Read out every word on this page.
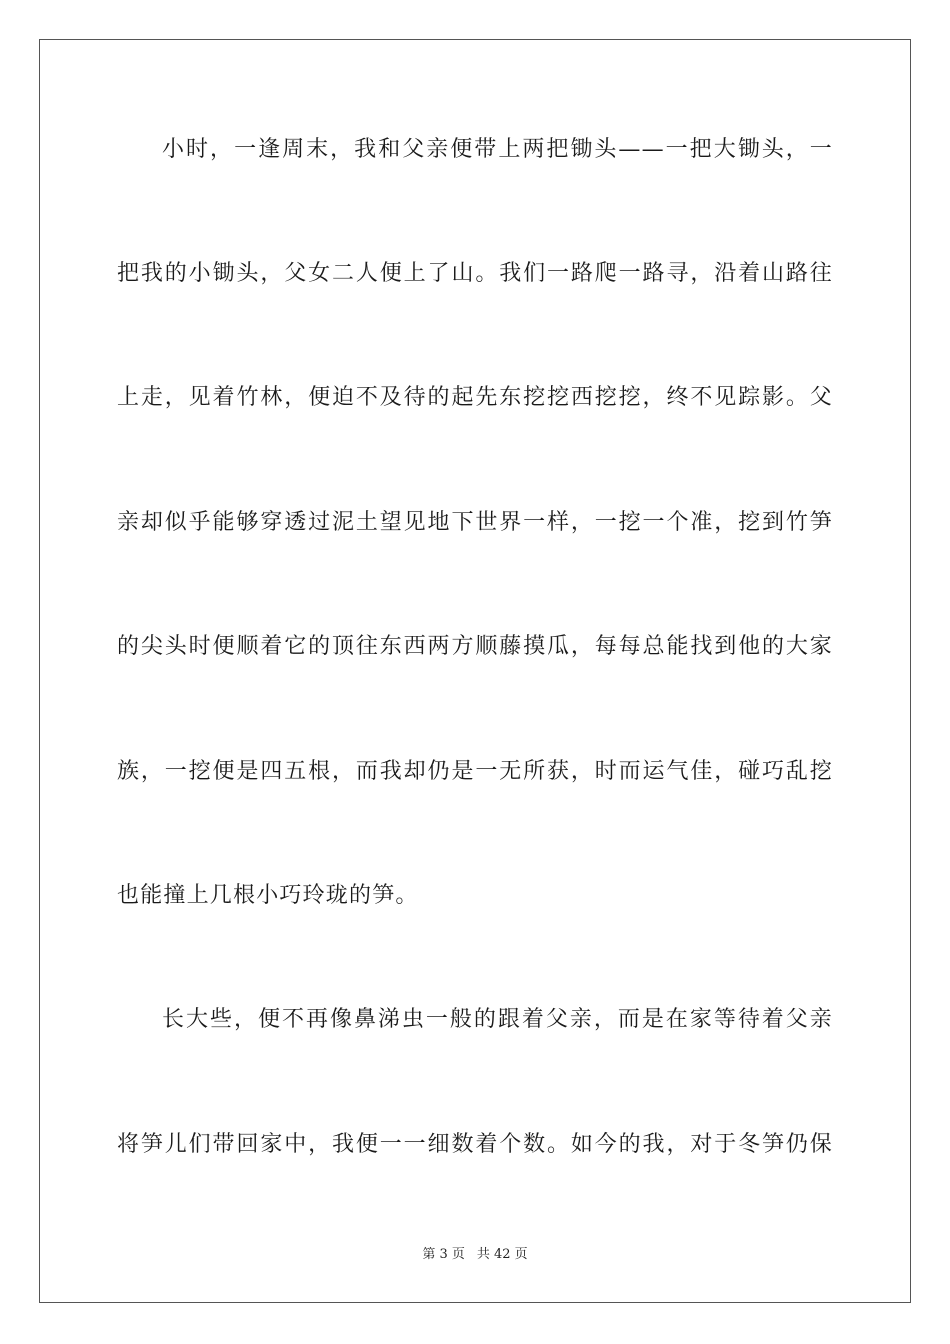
小时，一逢周末，我和父亲便带上两把锄头——一把大锄头，一
把我的小锄头，父女二人便上了山。我们一路爬一路寻，沿着山路往
上走，见着竹林，便迫不及待的起先东挖挖西挖挖，终不见踪影。父
亲却似乎能够穿透过泥土望见地下世界一样，一挖一个准，挖到竹笋
的尖头时便顺着它的顶往东西两方顺藤摸瓜，每每总能找到他的大家
族，一挖便是四五根，而我却仍是一无所获，时而运气佳，碰巧乱挖
也能撞上几根小巧玲珑的笋。
长大些，便不再像鼻涕虫一般的跟着父亲，而是在家等待着父亲
将笋儿们带回家中，我便一一细数着个数。如今的我，对于冬笋仍保
第 3 页 共 42 页
